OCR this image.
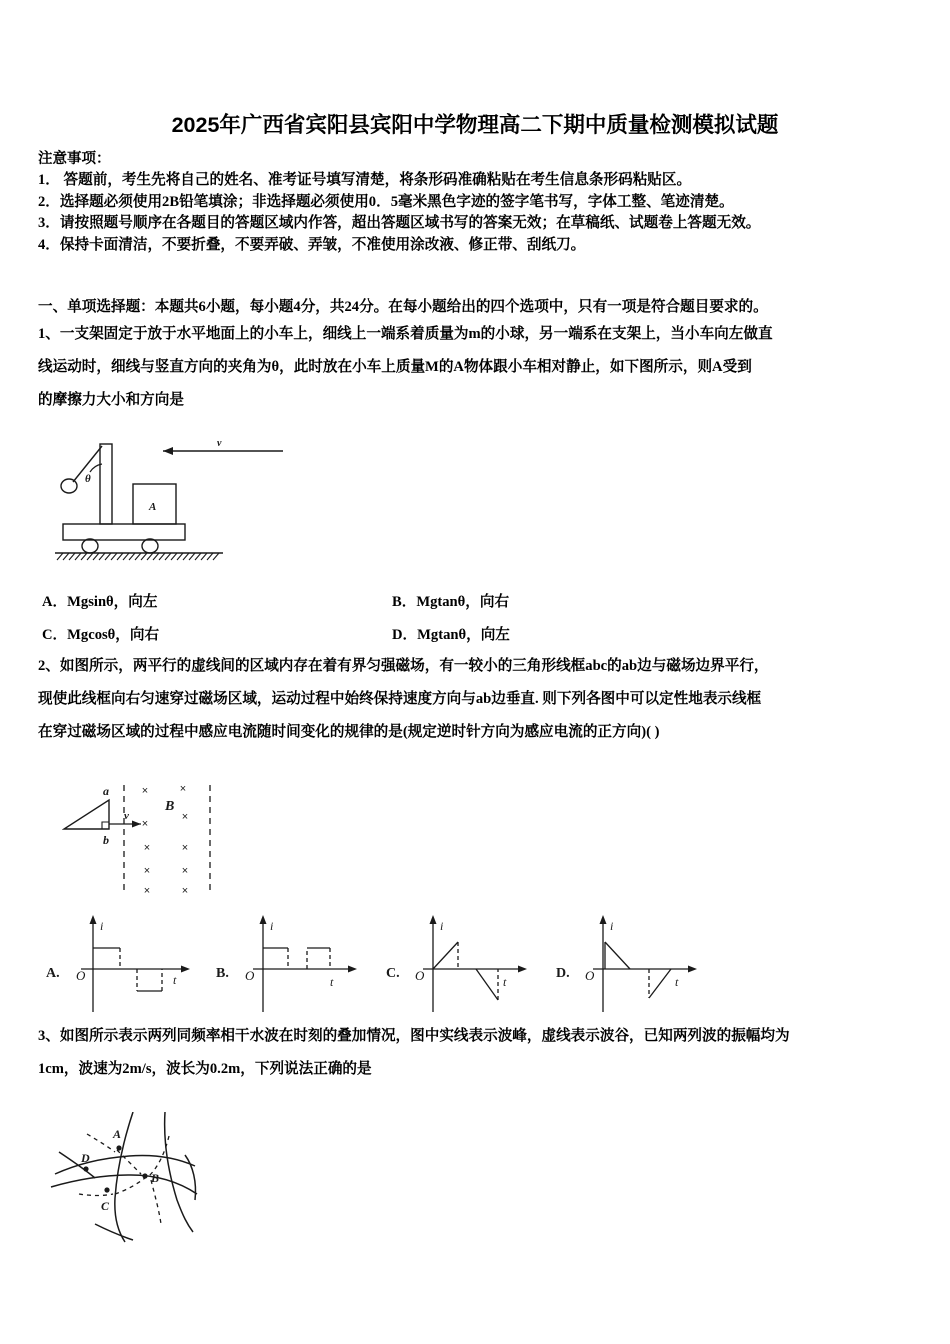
2025年广西省宾阳县宾阳中学物理高二下期中质量检测模拟试题
注意事项：
1． 答题前，考生先将自己的姓名、准考证号填写清楚，将条形码准确粘贴在考生信息条形码粘贴区。
2．选择题必须使用2B铅笔填涂；非选择题必须使用0．5毫米黑色字迹的签字笔书写，字体工整、笔迹清楚。
3．请按照题号顺序在各题目的答题区域内作答，超出答题区域书写的答案无效；在草稿纸、试题卷上答题无效。
4．保持卡面清洁，不要折叠，不要弄破、弄皱，不准使用涂改液、修正带、刮纸刀。
一、单项选择题：本题共6小题，每小题4分，共24分。在每小题给出的四个选项中，只有一项是符合题目要求的。
1、一支架固定于放于水平地面上的小车上，细线上一端系着质量为m的小球，另一端系在支架上，当小车向左做直
线运动时，细线与竖直方向的夹角为θ，此时放在小车上质量M的A物体跟小车相对静止，如下图所示，则A受到
的摩擦力大小和方向是
θ
A
v
A．Mgsinθ，向左	B．Mgtanθ，向右
C．Mgcosθ，向右	D．Mgtanθ，向左
2、如图所示，两平行的虚线间的区域内存在着有界匀强磁场，有一较小的三角形线框abc的ab边与磁场边界平行，
现使此线框向右匀速穿过磁场区域，运动过程中始终保持速度方向与ab边垂直. 则下列各图中可以定性地表示线框
在穿过磁场区域的过程中感应电流随时间变化的规律的是(规定逆时针方向为感应电流的正方向)( )
a
b
v
×	×
×
×
×	×
×	×
×	×
B
A.
i
t
O	B.
i
t
O	C.
i
t
O	D.
i
t
O
3、如图所示表示两列同频率相干水波在时刻的叠加情况，图中实线表示波峰，虚线表示波谷，已知两列波的振幅均为
1cm，波速为2m/s，波长为0.2m，下列说法正确的是
A
B
C
D
